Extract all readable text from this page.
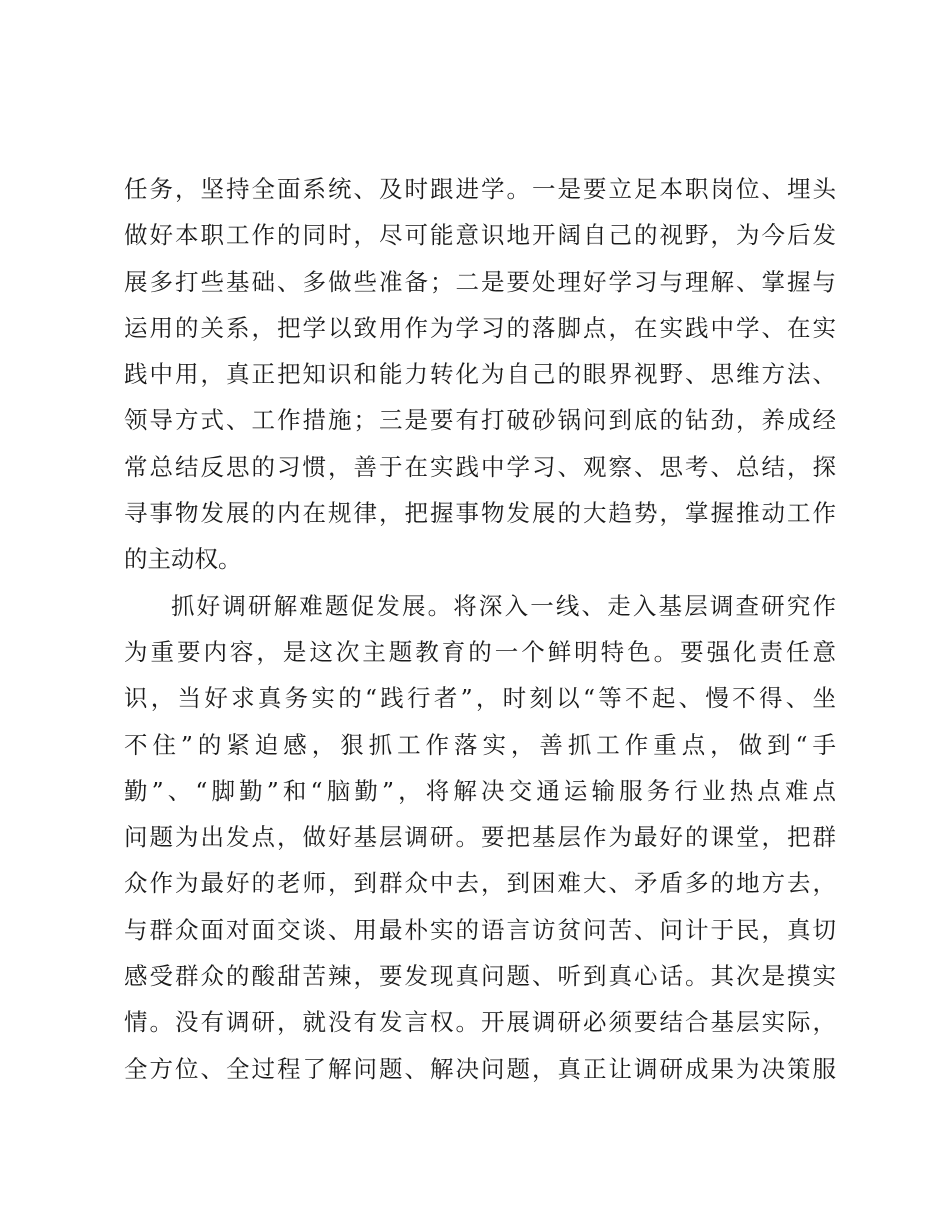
任务，坚持全面系统、及时跟进学。一是要立足本职岗位、埋头
做好本职工作的同时，尽可能意识地开阔自己的视野，为今后发
展多打些基础、多做些准备；二是要处理好学习与理解、掌握与
运用的关系，把学以致用作为学习的落脚点，在实践中学、在实
践中用，真正把知识和能力转化为自己的眼界视野、思维方法、
领导方式、工作措施；三是要有打破砂锅问到底的钻劲，养成经
常总结反思的习惯，善于在实践中学习、观察、思考、总结，探
寻事物发展的内在规律，把握事物发展的大趋势，掌握推动工作
的主动权。
抓好调研解难题促发展。将深入一线、走入基层调查研究作
为重要内容，是这次主题教育的一个鲜明特色。要强化责任意
识，当好求真务实的“践行者”，时刻以“等不起、慢不得、坐
不住”的紧迫感，狠抓工作落实，善抓工作重点，做到“手
勤”、“脚勤”和“脑勤”，将解决交通运输服务行业热点难点
问题为出发点，做好基层调研。要把基层作为最好的课堂，把群
众作为最好的老师，到群众中去，到困难大、矛盾多的地方去，
与群众面对面交谈、用最朴实的语言访贫问苦、问计于民，真切
感受群众的酸甜苦辣，要发现真问题、听到真心话。其次是摸实
情。没有调研，就没有发言权。开展调研必须要结合基层实际，
全方位、全过程了解问题、解决问题，真正让调研成果为决策服
